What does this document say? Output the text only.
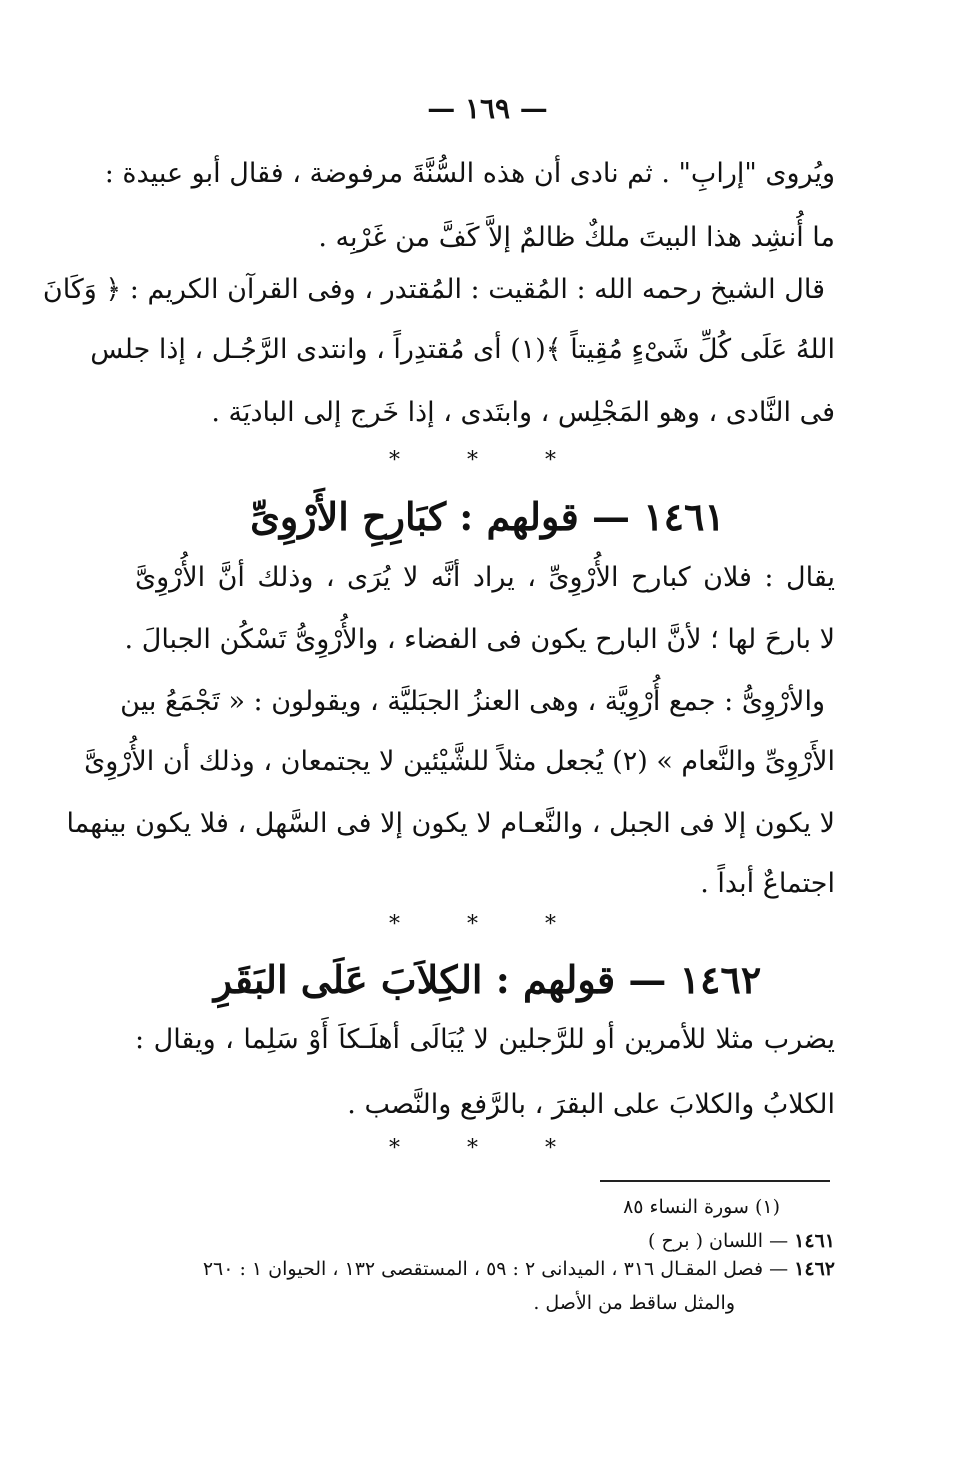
— ١٦٩ —
ويُروى "إرابِ" . ثم نادى أن هذه السُّنَّةَ مرفوضة ، فقال أبو عبيدة :
ما أُنشِد هذا البيتَ ملكٌ ظالمٌ إلاَّ كَفَّ من غَرْبِه .
قال الشيخ رحمه الله : المُقيت : المُقتدر ، وفى القرآن الكريم : ﴿ وَكَانَ
اللهُ عَلَى كُلِّ شَىْءٍ مُقِيتاً ﴾(١) أى مُقتدِراً ، وانتدى الرَّجُـل ، إذا جلس
فى النَّادى ، وهو المَجْلِس ، وابتَدى ، إذا خَرج إلى الباديَة .
* * *
١٤٦١ — قولهم : كبَارِحِ الأَرْوِىِّ
يقال : فلان كبارح الأُرْوِىِّ ، يراد أنَّه لا يُرَى ، وذلك أنَّ الأُرْوِىَّ
لا بارحَ لها ؛ لأنَّ البارح يكون فى الفضاء ، والأُرْوِىُّ تَسْكُن الجبالَ .
والأرْوِىُّ : جمع أُرْوِيَّة ، وهى العنزُ الجبَليَّة ، ويقولون : « تَجْمَعُ بين
الأَرْوِىِّ والنَّعام » (٢) يُجعل مثلاً للشَّيْئين لا يجتمعان ، وذلك أن الأُرْوِىَّ
لا يكون إلا فى الجبل ، والنَّعـام لا يكون إلا فى السَّهل ، فلا يكون بينهما
اجتماعٌ أبداً .
* * *
١٤٦٢ — قولهم : الكِلاَبَ عَلَى البَقَرِ
يضرب مثلا للأمرين أو للرَّجلين لا يُبَالَى أهلَـكاَ أَوْ سَلِما ، ويقال :
الكلابُ والكلابَ على البقرَ ، بالرَّفع والنَّصب .
* * *
(١) سورة النساء ٨٥
١٤٦١ — اللسان ( برح )
١٤٦٢ — فصل المقـال ٣١٦ ، الميدانى ٢ : ٥٩ ، المستقصى ١٣٢ ، الحيوان ١ : ٢٦٠
والمثل ساقط من الأصل .
